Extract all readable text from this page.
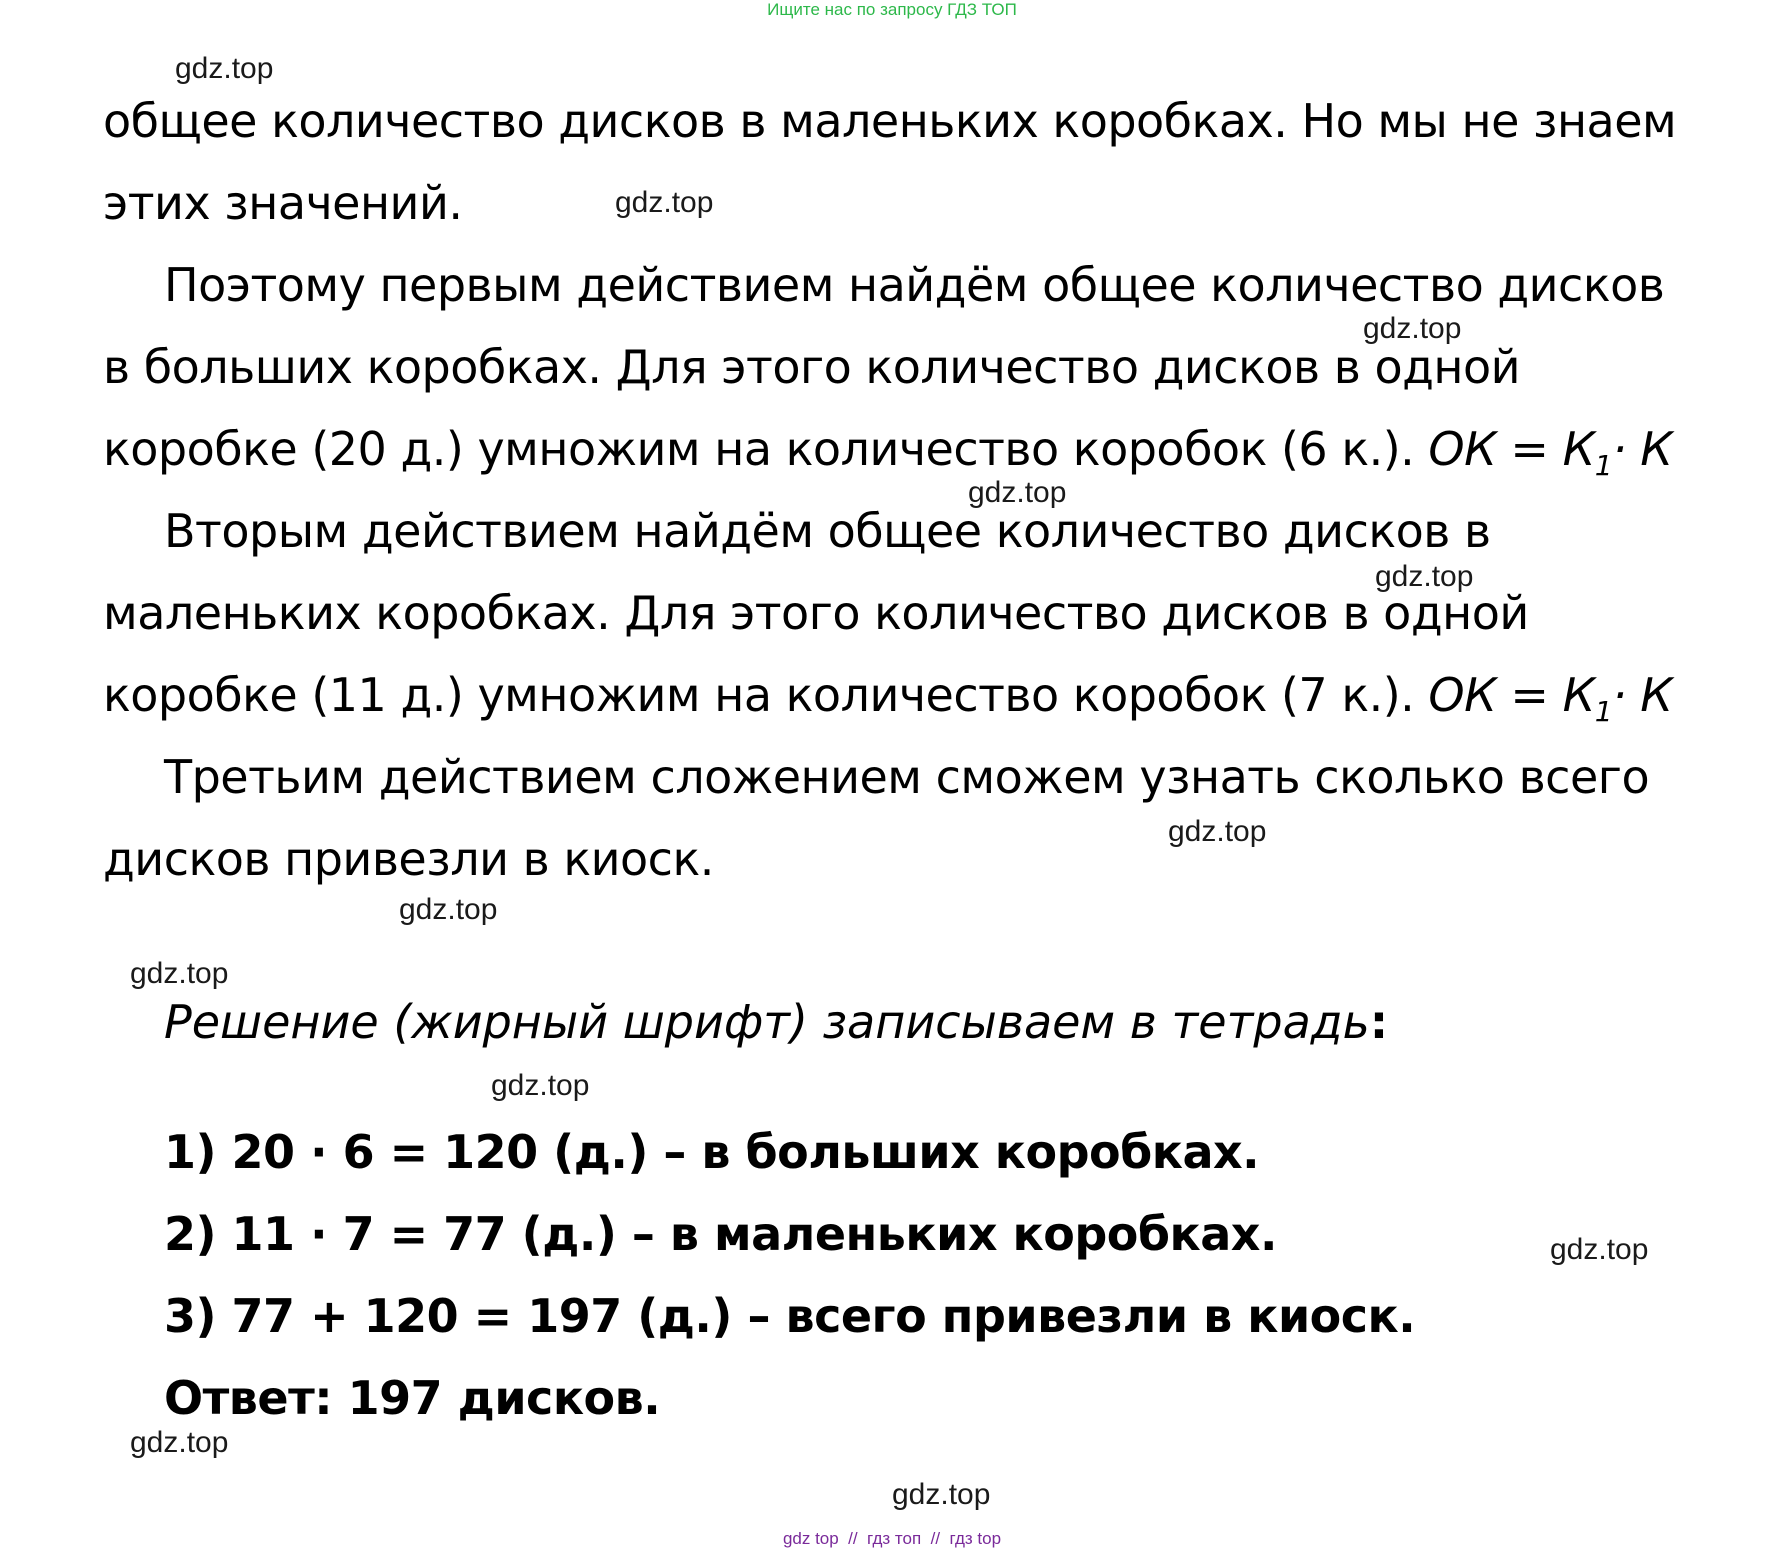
Ищите нас по запросу ГДЗ ТОП
gdz.top
gdz.top
gdz.top
gdz.top
gdz.top
gdz.top
gdz.top
gdz.top
gdz.top
gdz.top
gdz.top
gdz.top
общее количество дисков в маленьких коробках. Но мы не знаем
этих значений.
Поэтому первым действием найдём общее количество дисков
в больших коробках. Для этого количество дисков в одной
коробке (20 д.) умножим на количество коробок (6 к.). ОК = $К_1\cdot К$
Вторым действием найдём общее количество дисков в
маленьких коробках. Для этого количество дисков в одной
коробке (11 д.) умножим на количество коробок (7 к.). ОК = $К_1\cdot К$
Третьим действием сложением сможем узнать сколько всего
дисков привезли в киоск.
Решение (жирный шрифт) записываем в тетрадь:
1) 20 · 6 = 120 (д.) – в больших коробках.
2) 11 · 7 = 77 (д.) – в маленьких коробках.
3) 77 + 120 = 197 (д.) – всего привезли в киоск.
Ответ: 197 дисков.
gdz top  //  гдз топ  //  гдз top
